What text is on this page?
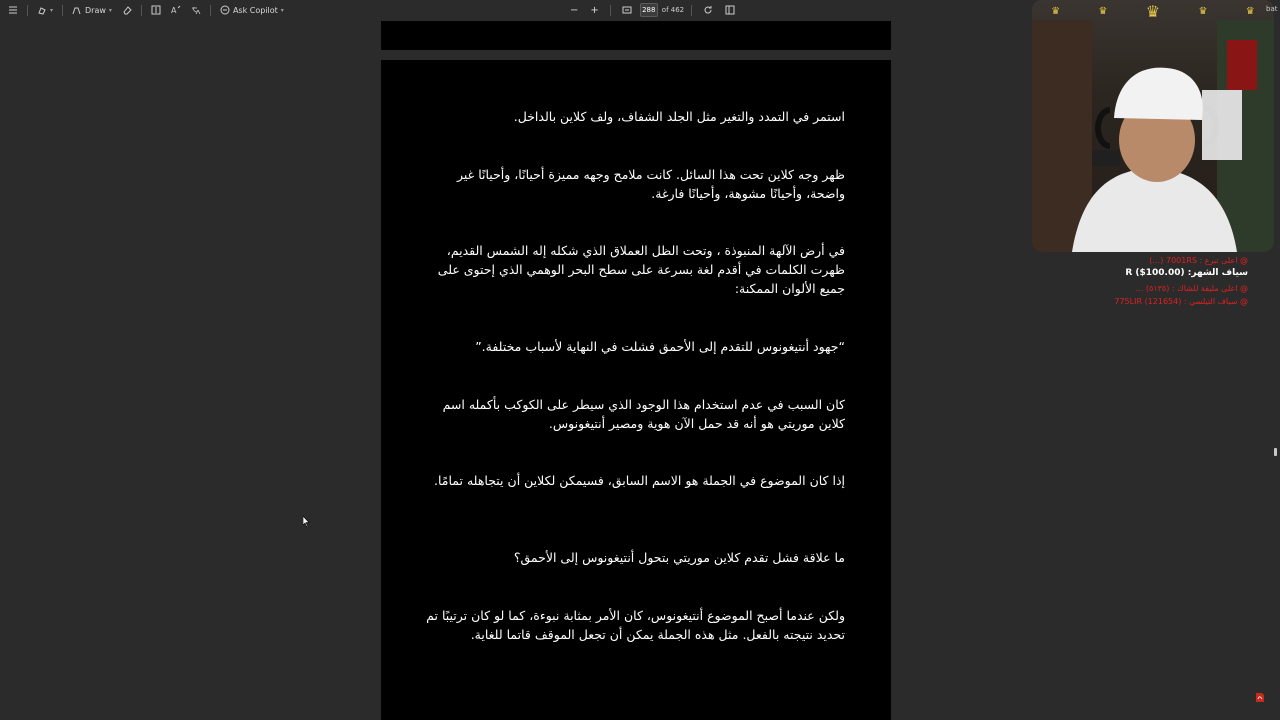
▾	Draw ▾	A	Ask Copilot ▾	− +
288	of 462
استمر في التمدد والتغير مثل الجلد الشفاف، ولف كلاين بالداخل.
ظهر وجه كلاين تحت هذا السائل. كانت ملامح وجهه مميزة أحيانًا، وأحيانًا غير واضحة، وأحيانًا مشوهة، وأحيانًا فارغة.
في أرض الآلهة المنبوذة ، وتحت الظل العملاق الذي شكله إله الشمس القديم، ظهرت الكلمات في أقدم لغة بسرعة على سطح البحر الوهمي الذي إحتوى على جميع الألوان الممكنة:
“جهود أنتيغونوس للتقدم إلى الأحمق فشلت في النهاية لأسباب مختلفة.”
كان السبب في عدم استخدام هذا الوجود الذي سيطر على الكوكب بأكمله اسم كلاين موريتي هو أنه قد حمل الآن هوية ومصير أنتيغونوس.
إذا كان الموضوع في الجملة هو الاسم السابق، فسيمكن لكلاين أن يتجاهله تمامًا.
ما علاقة فشل تقدم كلاين موريتي بتحول أنتيغونوس إلى الأحمق؟
ولكن عندما أصبح الموضوع أنتيغونوس، كان الأمر بمثابة نبوءة، كما لو كان ترتيبًا تم تحديد نتيجته بالفعل. مثل هذه الجملة يمكن أن تجعل الموقف قاتما للغاية.
♛	♛ ♛	♛	♛ bat
@ اعلى تبرع : 7001RS (…)
سياف الشهر: (100.00$) R
@ اعلى مليقة للشاك : (٥١٣٥) ...
@ سياف التيلسي : 775LIR (121654)
